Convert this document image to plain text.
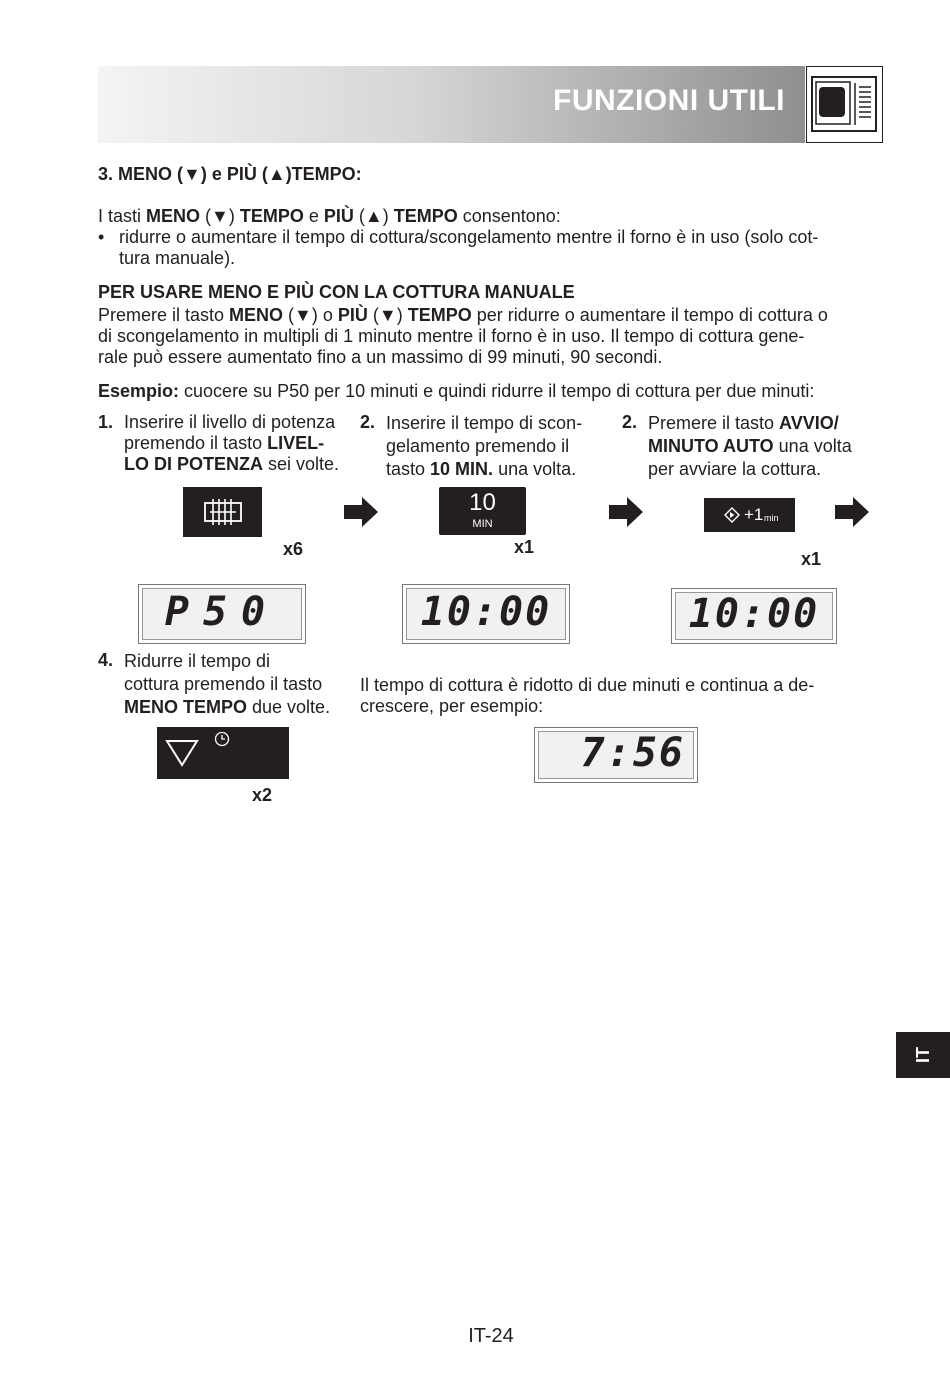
FUNZIONI UTILI
3. MENO (▼) e PIÙ (▲)TEMPO:
I tasti MENO (▼) TEMPO e PIÙ (▲) TEMPO consentono:
• ridurre o aumentare il tempo di cottura/scongelamento mentre il forno è in uso (solo cot-
tura manuale).
PER USARE MENO E PIÙ CON LA COTTURA MANUALE
Premere il tasto MENO (▼) o PIÙ (▼) TEMPO per ridurre o aumentare il tempo di cottura o
di scongelamento in multipli di 1 minuto mentre il forno è in uso. Il tempo di cottura gene-
rale può essere aumentato fino a un massimo di 99 minuti, 90 secondi.
Esempio: cuocere su P50 per 10 minuti e quindi ridurre il tempo di cottura per due minuti:
1. Inserire il livello di potenza
premendo il tasto LIVEL-
LO DI POTENZA sei volte.
2. Inserire il tempo di scon-
gelamento premendo il
tasto 10 MIN. una volta.
2. Premere il tasto AVVIO/
MINUTO AUTO una volta
per avviare la cottura.
x6
10
MIN
x1
+1 min
x1
P50	10:00	10:00
4. Ridurre il tempo di
cottura premendo il tasto
MENO TEMPO due volte.
Il tempo di cottura è ridotto di due minuti e continua a de-
crescere, per esempio:
x2
7:56
IT
IT-24
